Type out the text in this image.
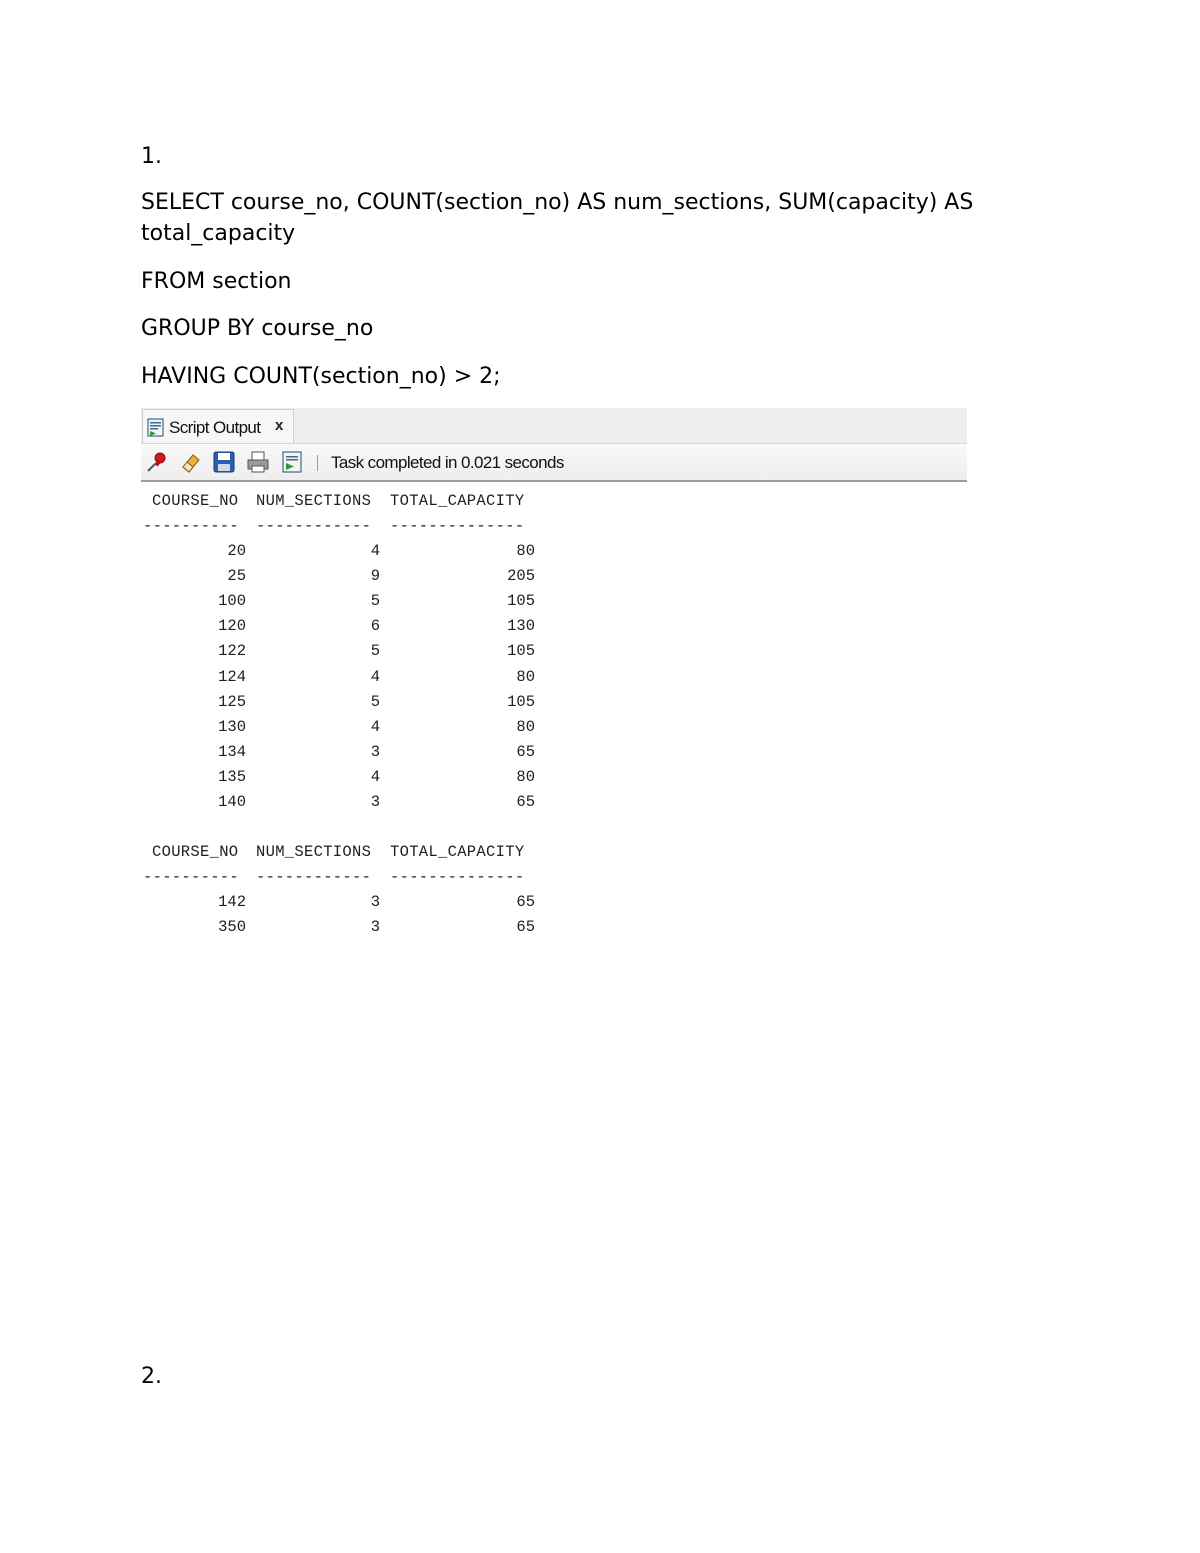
1.

SELECT course_no, COUNT(section_no) AS num_sections, SUM(capacity) AS

total_capacity

FROM section

GROUP BY course_no

HAVING COUNT(section_no) > 2;

Script Output x
Task completed in 0.021 seconds
COURSE_NO NUM_SECTIONS TOTAL_CAPACITY
---------- ------------ --------------
20	4	80
25	9	205
100	5	105
120	6	130
122	5	105
124	4	80
125	5	105
130	4	80
134	3	65
135	4	80
140	3	65
COURSE_NO NUM_SECTIONS TOTAL_CAPACITY
---------- ------------ --------------
142	3	65
350	3	65

2.
